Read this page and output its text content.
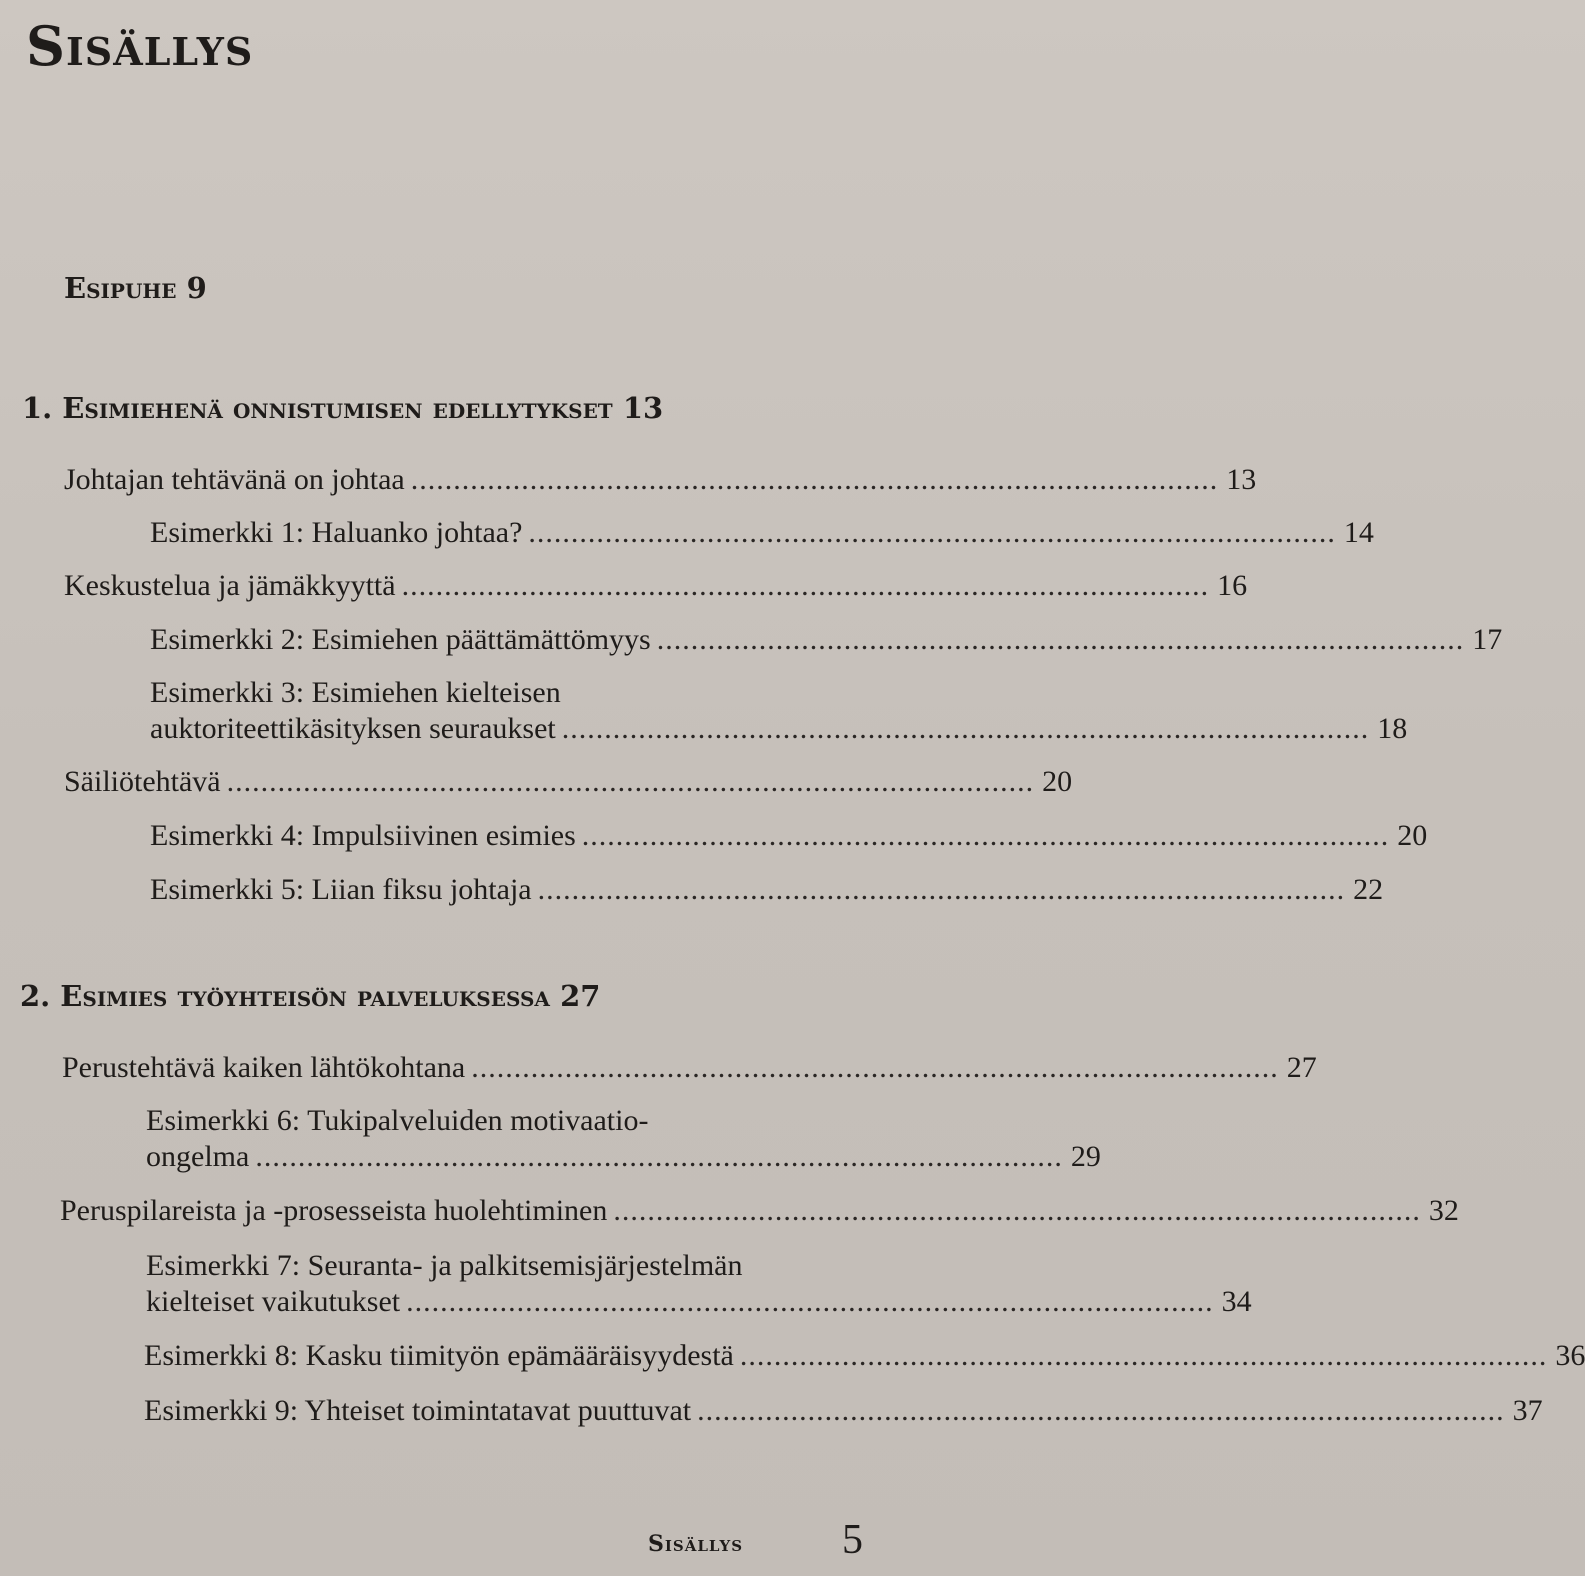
Sisällys
Esipuhe 9
1. Esimiehenä onnistumisen edellytykset 13
Johtajan tehtävänä on johtaa ............................................................................................... 13
Esimerkki 1: Haluanko johtaa? ............................................................................................... 14
Keskustelua ja jämäkkyyttä ............................................................................................... 16
Esimerkki 2: Esimiehen päättämättömyys ............................................................................................... 17
Esimerkki 3: Esimiehen kielteisen
auktoriteettikäsityksen seuraukset ............................................................................................... 18
Säiliötehtävä ............................................................................................... 20
Esimerkki 4: Impulsiivinen esimies ............................................................................................... 20
Esimerkki 5: Liian fiksu johtaja ............................................................................................... 22
2. Esimies työyhteisön palveluksessa 27
Perustehtävä kaiken lähtökohtana ............................................................................................... 27
Esimerkki 6: Tukipalveluiden motivaatio-
ongelma ............................................................................................... 29
Peruspilareista ja -prosesseista huolehtiminen ............................................................................................... 32
Esimerkki 7: Seuranta- ja palkitsemisjärjestelmän
kielteiset vaikutukset ............................................................................................... 34
Esimerkki 8: Kasku tiimityön epämääräisyydestä ............................................................................................... 36
Esimerkki 9: Yhteiset toimintatavat puuttuvat ............................................................................................... 37
Sisällys 5
